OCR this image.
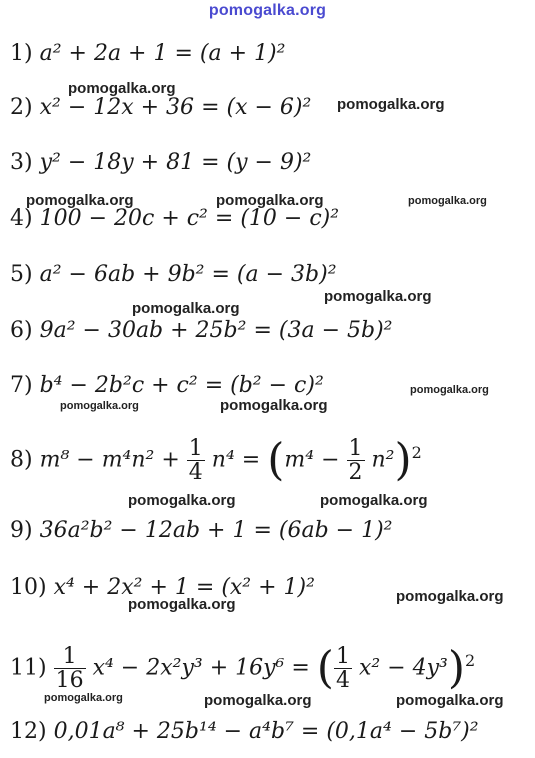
pomogalka.org
1) a² + 2a + 1 = (a + 1)²
2) x² − 12x + 36 = (x − 6)²
3) y² − 18y + 81 = (y − 9)²
4) 100 − 20c + c² = (10 − c)²
5) a² − 6ab + 9b² = (a − 3b)²
6) 9a² − 30ab + 25b² = (3a − 5b)²
7) b⁴ − 2b²c + c² = (b² − c)²
8) $m^8 - m^4n^2 + \frac{1}{4} n^4 = (m^4 - \frac{1}{2} n^2)^2$
9) 36a²b² − 12ab + 1 = (6ab − 1)²
10) x⁴ + 2x² + 1 = (x² + 1)²
$11) \frac{1}{16} x^4 - 2x^2y^3 + 16y^6$ = ( $\frac{1}{4} x^2 - 4y^3)^2$
12) 0,01a⁸ + 25b¹⁴ − a⁴b⁷ = (0,1a⁴ − 5b⁷)²
pomogalka.org
pomogalka.org
pomogalka.org	pomogalka.org	pomogalka.org
pomogalka.org
pomogalka.org
pomogalka.org
pomogalka.org	pomogalka.org
pomogalka.org	pomogalka.org
pomogalka.org
pomogalka.org
pomogalka.org	pomogalka.org	pomogalka.org
